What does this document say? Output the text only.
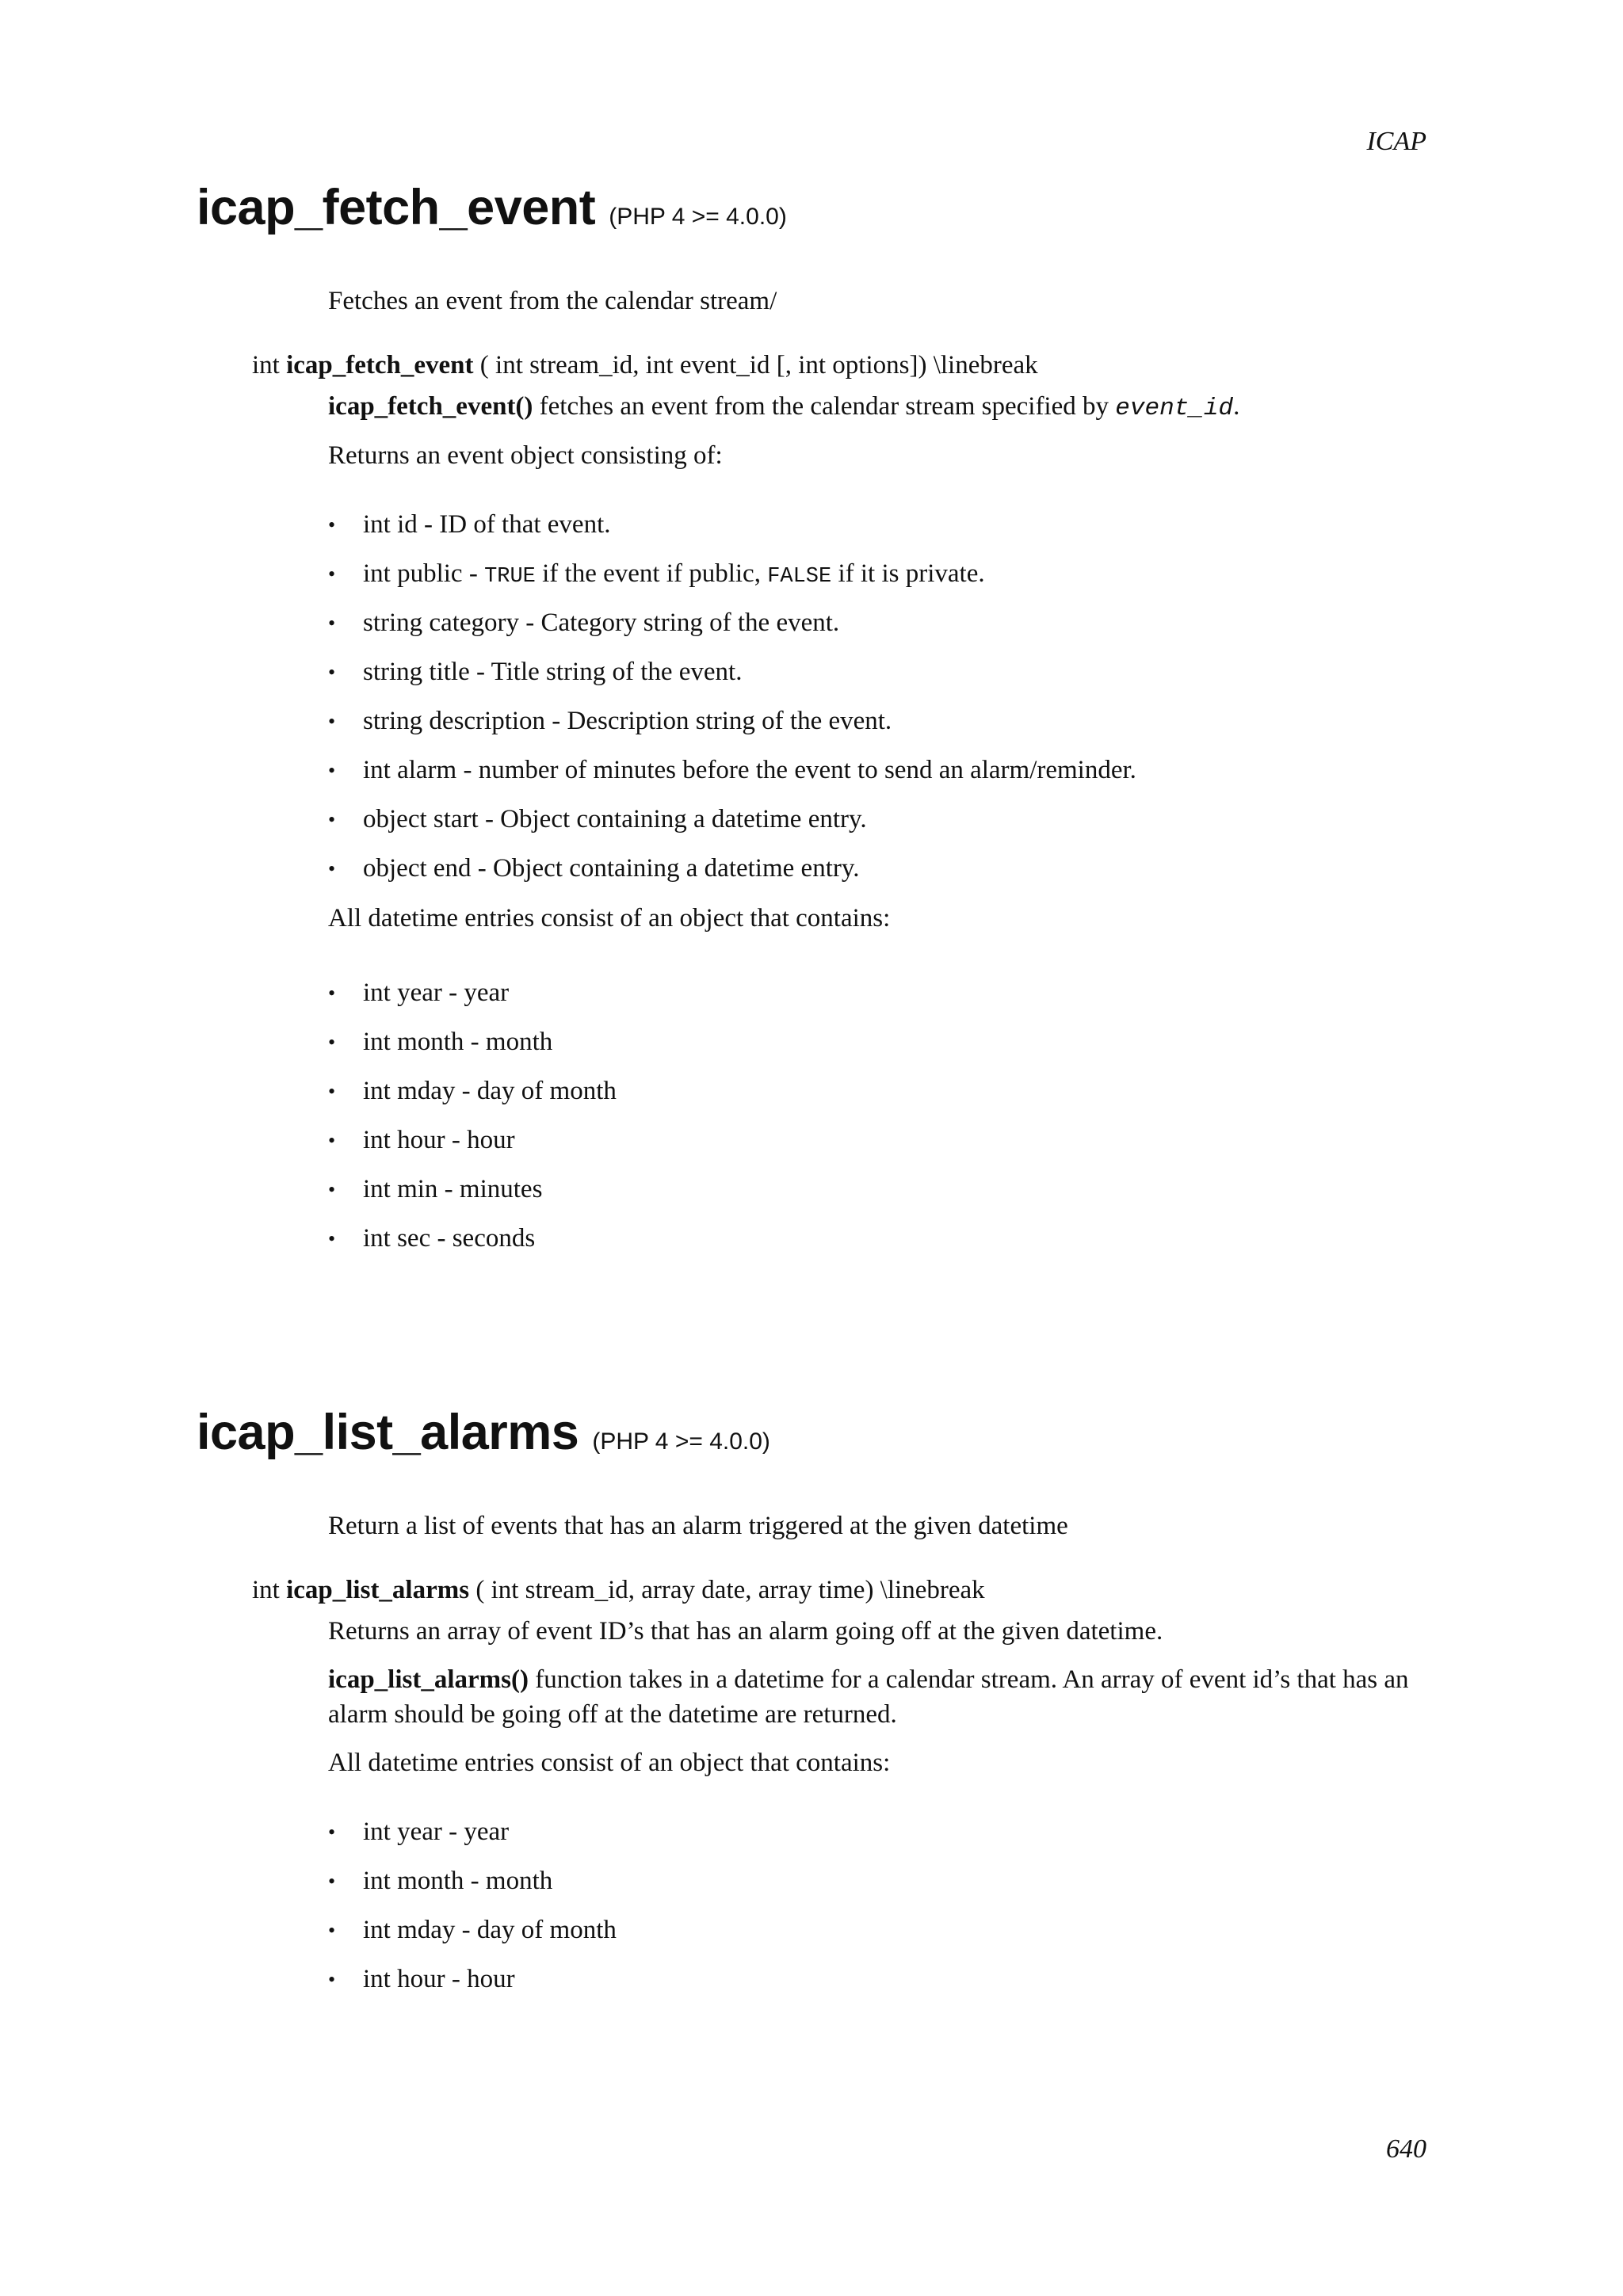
ICAP
icap_fetch_event (PHP 4 >= 4.0.0)
Fetches an event from the calendar stream/
int icap_fetch_event ( int stream_id, int event_id [, int options]) \linebreak
icap_fetch_event() fetches an event from the calendar stream specified by event_id.
Returns an event object consisting of:
• int id - ID of that event.
• int public - TRUE if the event if public, FALSE if it is private.
• string category - Category string of the event.
• string title - Title string of the event.
• string description - Description string of the event.
• int alarm - number of minutes before the event to send an alarm/reminder.
• object start - Object containing a datetime entry.
• object end - Object containing a datetime entry.
All datetime entries consist of an object that contains:
• int year - year
• int month - month
• int mday - day of month
• int hour - hour
• int min - minutes
• int sec - seconds
icap_list_alarms (PHP 4 >= 4.0.0)
Return a list of events that has an alarm triggered at the given datetime
int icap_list_alarms ( int stream_id, array date, array time) \linebreak
Returns an array of event ID’s that has an alarm going off at the given datetime.
icap_list_alarms() function takes in a datetime for a calendar stream. An array of event id’s that has an alarm should be going off at the datetime are returned.
All datetime entries consist of an object that contains:
• int year - year
• int month - month
• int mday - day of month
• int hour - hour
640
